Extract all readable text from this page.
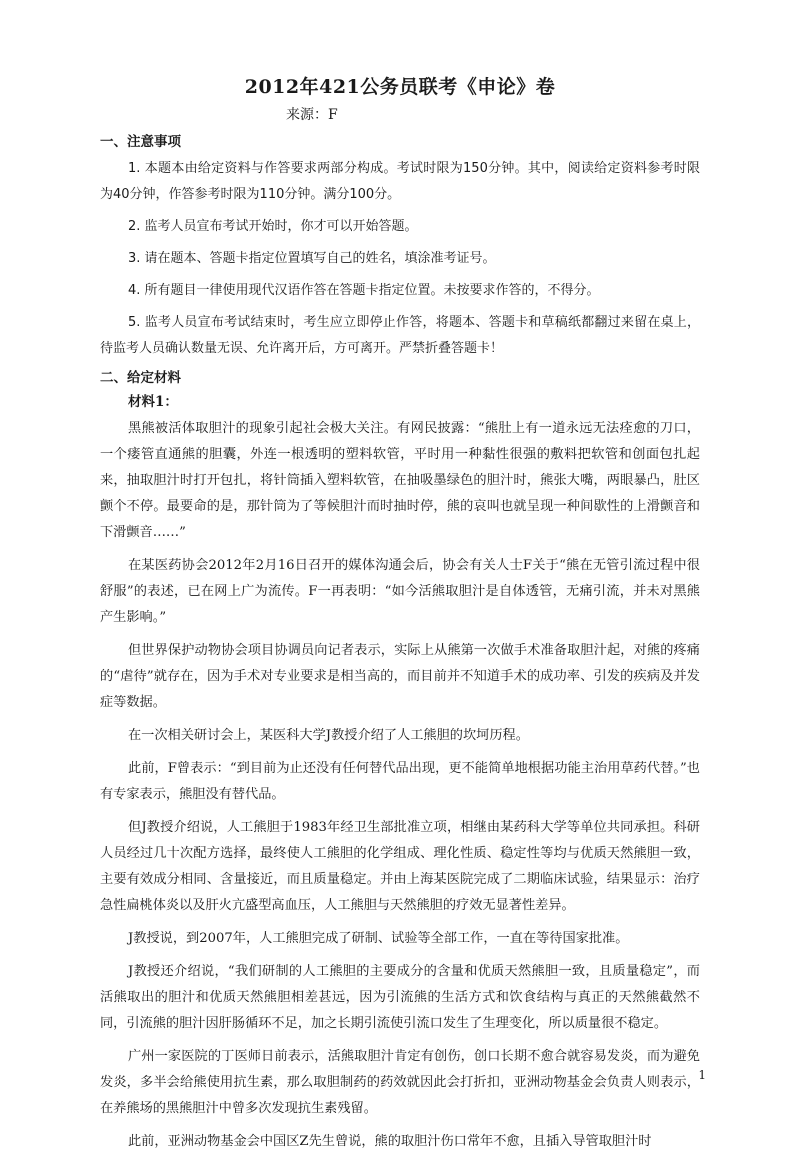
2012年421公务员联考《申论》卷
来源：F
一、注意事项

1. 本题本由给定资料与作答要求两部分构成。考试时限为150分钟。其中，阅读给定资料参考时限为40分钟，作答参考时限为110分钟。满分100分。

2. 监考人员宣布考试开始时，你才可以开始答题。

3. 请在题本、答题卡指定位置填写自己的姓名，填涂准考证号。

4. 所有题目一律使用现代汉语作答在答题卡指定位置。未按要求作答的，不得分。

5. 监考人员宣布考试结束时，考生应立即停止作答，将题本、答题卡和草稿纸都翻过来留在桌上，待监考人员确认数量无误、允许离开后，方可离开。严禁折叠答题卡！

二、给定材料
材料1：

黑熊被活体取胆汁的现象引起社会极大关注。有网民披露：“熊肚上有一道永远无法痊愈的刀口，一个瘘管直通熊的胆囊，外连一根透明的塑料软管，平时用一种黏性很强的敷料把软管和创面包扎起来，抽取胆汁时打开包扎，将针筒插入塑料软管，在抽吸墨绿色的胆汁时，熊张大嘴，两眼暴凸，肚区颤个不停。最要命的是，那针筒为了等候胆汁而时抽时停，熊的哀叫也就呈现一种间歇性的上滑颤音和下滑颤音……”

在某医药协会2012年2月16日召开的媒体沟通会后，协会有关人士F关于“熊在无管引流过程中很舒服”的表述，已在网上广为流传。F一再表明：“如今活熊取胆汁是自体透管，无痛引流，并未对黑熊产生影响。”

但世界保护动物协会项目协调员向记者表示，实际上从熊第一次做手术准备取胆汁起，对熊的疼痛的“虐待”就存在，因为手术对专业要求是相当高的，而目前并不知道手术的成功率、引发的疾病及并发症等数据。

在一次相关研讨会上，某医科大学J教授介绍了人工熊胆的坎坷历程。

此前，F曾表示：“到目前为止还没有任何替代品出现，更不能简单地根据功能主治用草药代替。”也有专家表示，熊胆没有替代品。

但J教授介绍说，人工熊胆于1983年经卫生部批准立项，相继由某药科大学等单位共同承担。科研人员经过几十次配方选择，最终使人工熊胆的化学组成、理化性质、稳定性等均与优质天然熊胆一致，主要有效成分相同、含量接近，而且质量稳定。并由上海某医院完成了二期临床试验，结果显示：治疗急性扁桃体炎以及肝火亢盛型高血压，人工熊胆与天然熊胆的疗效无显著性差异。

J教授说，到2007年，人工熊胆完成了研制、试验等全部工作，一直在等待国家批准。

J教授还介绍说，“我们研制的人工熊胆的主要成分的含量和优质天然熊胆一致，且质量稳定”，而活熊取出的胆汁和优质天然熊胆相差甚远，因为引流熊的生活方式和饮食结构与真正的天然熊截然不同，引流熊的胆汁因肝肠循环不足，加之长期引流使引流口发生了生理变化，所以质量很不稳定。

广州一家医院的丁医师日前表示，活熊取胆汁肯定有创伤，创口长期不愈合就容易发炎，而为避免发炎，多半会给熊使用抗生素，那么取胆制药的药效就因此会打折扣，亚洲动物基金会负责人则表示，在养熊场的黑熊胆汁中曾多次发现抗生素残留。

此前，亚洲动物基金会中国区Z先生曾说，熊的取胆汁伤口常年不愈，且插入导管取胆汁时

1
